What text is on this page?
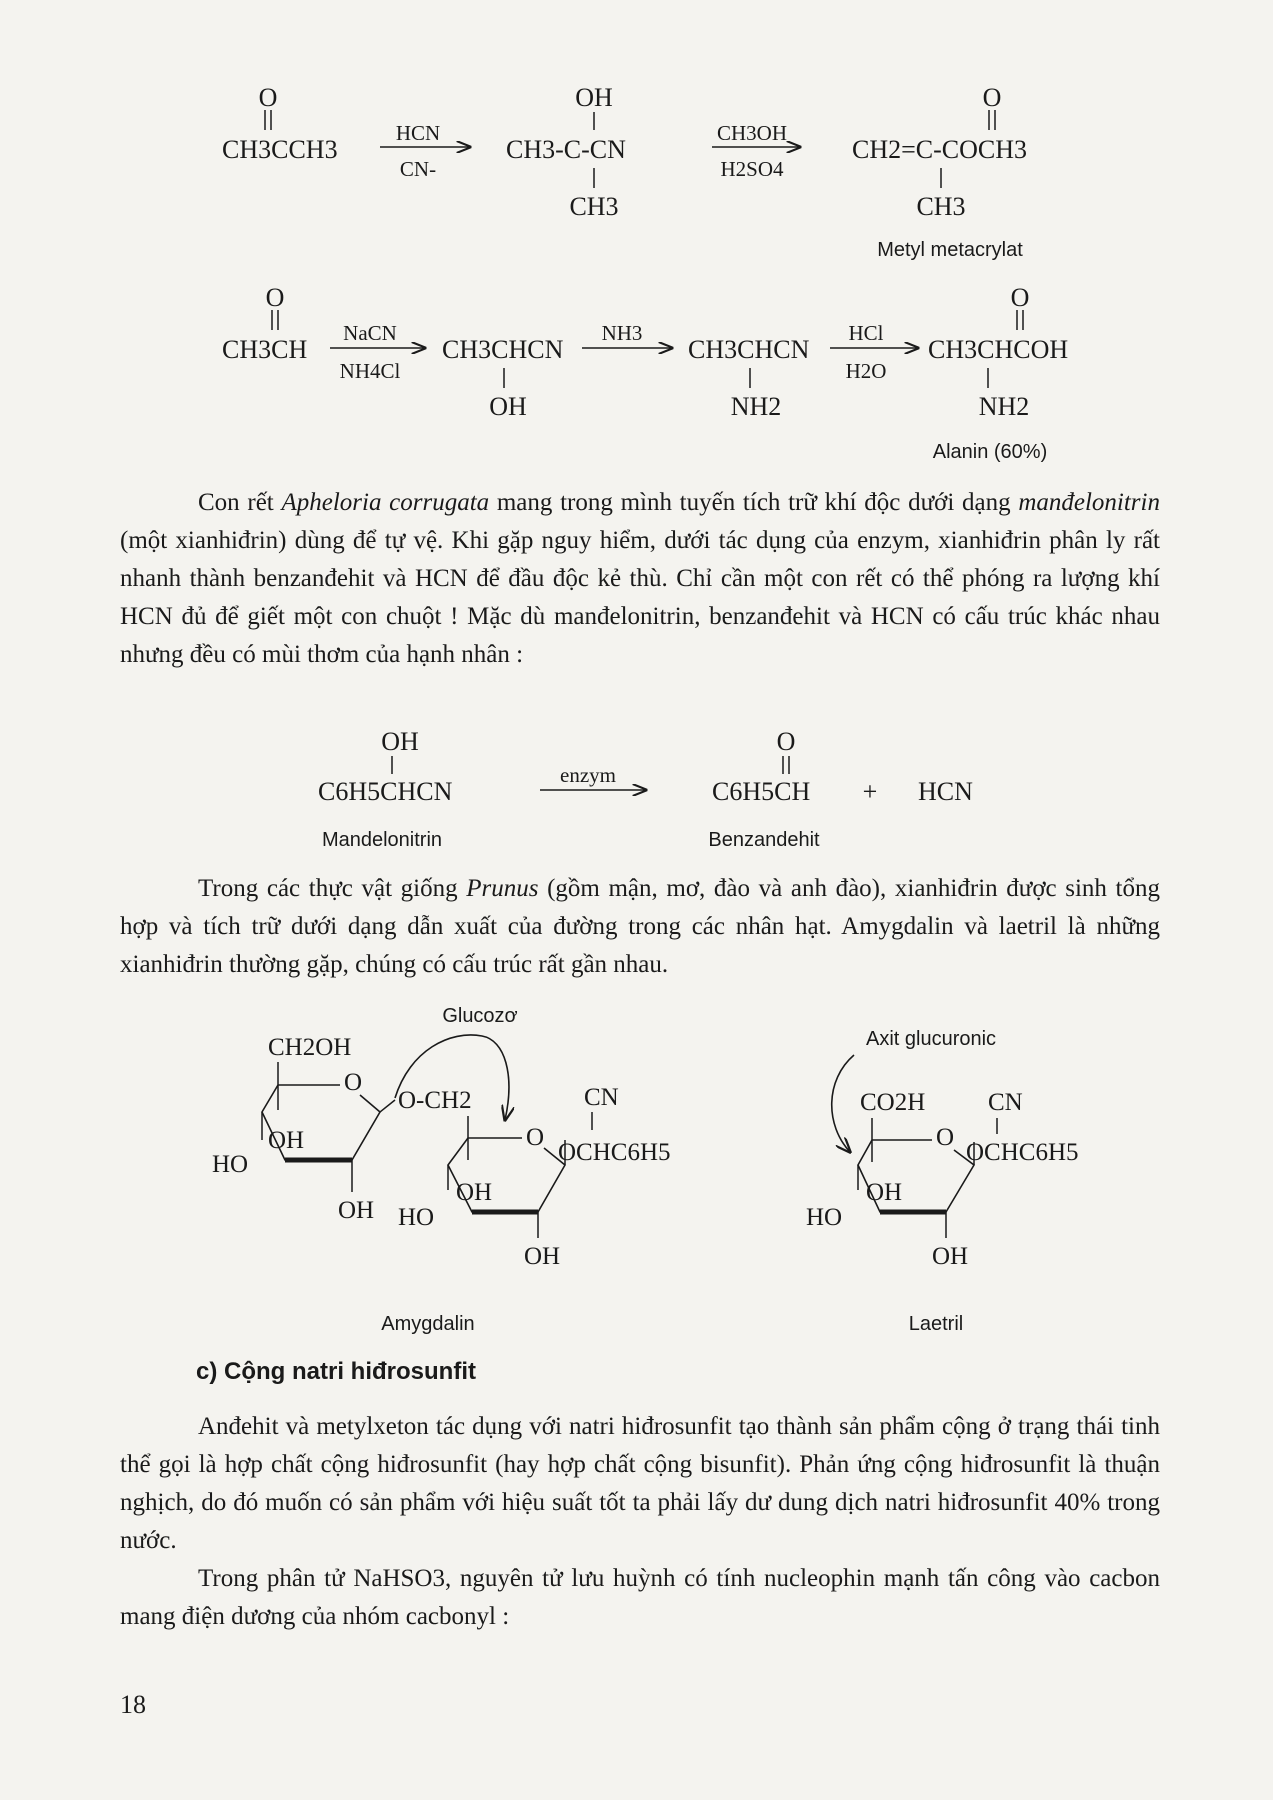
O
CH3CCH3
HCN
CN-
OH
CH3-C-CN
CH3
CH3OH
H2SO4
O
CH2=C-COCH3
CH3
Metyl metacrylat
O
CH3CH
NaCN
NH4Cl
CH3CHCN
OH
NH3
CH3CHCN
NH2
HCl
H2O
O
CH3CHCOH
NH2
Alanin (60%)
OH
C6H5CHCN
Mandelonitrin
enzym
O
C6H5CH + HCN
Benzandehit
Glucozơ
CH2OH
O
OH
HO
OH
O-CH2
O
OH
HO
OH
CN
OCHC6H5
Amygdalin
Axit glucuronic
CO2H
O
OH
HO
OH
CN
OCHC6H5
Laetril

Con rết Apheloria corrugata mang trong mình tuyến tích trữ khí độc dưới dạng manđelonitrin (một xianhiđrin) dùng để tự vệ. Khi gặp nguy hiểm, dưới tác dụng của enzym, xianhiđrin phân ly rất nhanh thành benzanđehit và HCN để đầu độc kẻ thù. Chỉ cần một con rết có thể phóng ra lượng khí HCN đủ để giết một con chuột ! Mặc dù manđelonitrin, benzanđehit và HCN có cấu trúc khác nhau nhưng đều có mùi thơm của hạnh nhân :

Trong các thực vật giống Prunus (gồm mận, mơ, đào và anh đào), xianhiđrin được sinh tổng hợp và tích trữ dưới dạng dẫn xuất của đường trong các nhân hạt. Amygdalin và laetril là những xianhiđrin thường gặp, chúng có cấu trúc rất gần nhau.

c) Cộng natri hiđrosunfit

Anđehit và metylxeton tác dụng với natri hiđrosunfit tạo thành sản phẩm cộng ở trạng thái tinh thể gọi là hợp chất cộng hiđrosunfit (hay hợp chất cộng bisunfit). Phản ứng cộng hiđrosunfit là thuận nghịch, do đó muốn có sản phẩm với hiệu suất tốt ta phải lấy dư dung dịch natri hiđrosunfit 40% trong nước.

Trong phân tử NaHSO3, nguyên tử lưu huỳnh có tính nucleophin mạnh tấn công vào cacbon mang điện dương của nhóm cacbonyl :

18
